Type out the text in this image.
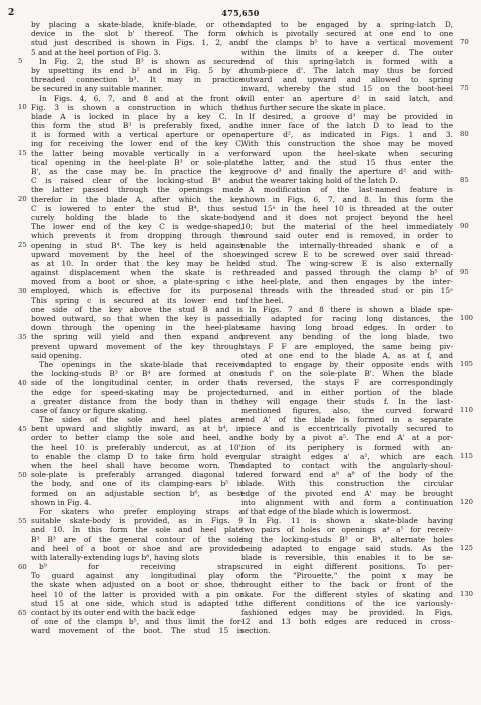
2	475,650
by placing a skate-blade, knife-blade, or other
device in the slot b' thereof. The form of
stud just described is shown in Figs. 1, 2, and
5 and at the heel portion of Fig. 3.
In Fig. 2, the stud B³ is shown as secured
by upsetting its end b² and in Fig. 5 by a
threaded connection b³. It may in practice
be secured in any suitable manner.
In Figs. 4, 6, 7, and 8 and at the front of
Fig. 3 is shown a construction in which the
blade A is locked in place by a key C. In
this form the stud B³ is preferably fixed, and
it is formed with a vertical aperture or open-
ing for receiving the lower end of the key C,
the latter being movable vertically in a ver-
tical opening in the heel-plate B³ or sole-plate
B', as the case may be. In practice the key
C is raised clear of the locking-stud B⁴ and
the latter passed through the openings made
therefor in the blade A, after which the key
C is lowered to enter the stud B⁴, thus se-
curely holding the blade to the skate-body.
The lower end of the key C is wedge-shaped,
which prevents it from dropping through the
opening in stud B⁴. The key is held against
upward movement by the heel of the shoe,
as at 10. In order that the key may be held
against displacement when the skate is re-
moved from a boot or shoe, a plate-spring c is
employed, which is effective for its purpose.
This spring c is secured at its lower end to
one side of the key above the stud B and is
bowed outward, so that when the key is passed
down through the opening in the heel-plate
the spring will yield and then expand and
prevent upward movement of the key through
said opening.
The openings in the skate-blade that receive
the locking-studs B³ or B⁴ are formed at one
side of the longitudinal center, in order that
the edge for speed-skating may be projected
a greater distance from the body than in the
case of fancy or figure skating.
The sides of the sole and heel plates are
bent upward and slightly inward, as at b⁴, in
order to better clamp the sole and heel, and
the heel 10 is preferably undercut, as at 10',
to enable the clamp D to take firm hold even
when the heel shall have become worn. The
sole-plate is preferably arranged diagonal to
the body, and one of its clamping-ears b⁵ is
formed on an adjustable section b⁶, as best
shown in Fig. 4.
For skaters who prefer employing straps a
suitable skate-body is provided, as in Figs. 9
and 10. In this form the sole and heel plate
B³ B³ are of the general contour of the sole
and heel of a boot or shoe and are provided
with laterally-extending lugs b⁸, having slots
b⁹ for receiving straps.
To guard against any longitudinal play of
the skate when adjusted on a boot or shoe, the
heel 10 of the latter is provided with a pin or
stud 15 at one side, which stud is adapted to
contact by its outer end with the back edge
of one of the clamps b⁵, and thus limit the for-
ward movement of the boot. The stud 15 is
adapted to be engaged by a spring-latch D,
which is pivotally secured at one end to one
of the clamps b⁵ to have a vertical movement
within the limits of a keeper d. The outer
end of this spring-latch is formed with a
thumb-piece d'. The latch may thus be forced
outward and upward and allowed to spring
inward, whereby the stud 15 on the boot-heel
will enter an aperture d² in said latch, and
thus further secure the skate in place.
If desired, a groove d³ may be provided in
the inner face of the latch D to lead to the
aperture d², as indicated in Figs. 1 and 3.
With this construction the shoe may be moved
forward upon the heel-skate when securing
the latter, and the stud 15 thus enter the
groove d³ and finally the aperture d² and with-
out the wearer taking hold of the latch D.
A modification of the last-named feature is
shown in Figs. 6, 7, and 8. In this form the
stud 15ᵃ in the heel 10 is threaded at the outer
end and it does not project beyond the heel
10; but the material of the heel immediately
around said outer end is removed, in order to
enable the internally-threaded shank e of a
winged screw E to be screwed over said thread-
ed stud. The wing-screw E is also externally
threaded and passed through the clamp b⁵ of
the heel-plate, and then engages by the inter-
nal threads with the threaded stud or pin 15ᵃ
of the heel.
In Figs. 7 and 8 there is shown a blade spe-
cially adapted for racing long distances, the
same having long broad edges. In order to
prevent any bending of the long blade, two
stays F F are employed, the same being piv-
oted at one end to the blade A, as at f, and
adapted to engage by their opposite ends with
studs f' on the sole-plate B'. When the blade
is reversed, the stays F are correspondingly
turned, and in either portion of the blade
they will engage their studs f. In the last-
mentioned figures, also, the curved forward
end A' of the blade is formed in a separate
piece and is eccentrically pivotally secured to
the body by a pivot a⁵. The end A' at a por-
tion of its periphery is formed with an-
gular straight edges a' a², which are each
adapted to contact with the angularly-shoul-
dered forward end a⁸ a⁸ of the body of the
blade. With this construction the circular
edge of the pivoted end A' may be brought
into alignment with and form a continuation
of that edge of the blade which is lowermost.
In Fig. 11 is shown a skate-blade having
two pairs of holes or openings a⁴ a⁵ for receiv-
ing the locking-studs B³ or B⁴, alternate holes
being adapted to engage said studs. As the
blade is reversible, this enables it to be se-
cured in eight different positions. To per-
form the "Pirouette," the point x may be
brought either to the back or front of the
skate. For the different styles of skating and
the different conditions of the ice variously-
fashioned edges may be provided. In Figs.
12 and 13 both edges are reduced in cross-
section.
5
10
15
20
25
30
35
40
45
50
55
60
65
70
75
80
85
90
95
100
105
110
115
120
125
130
